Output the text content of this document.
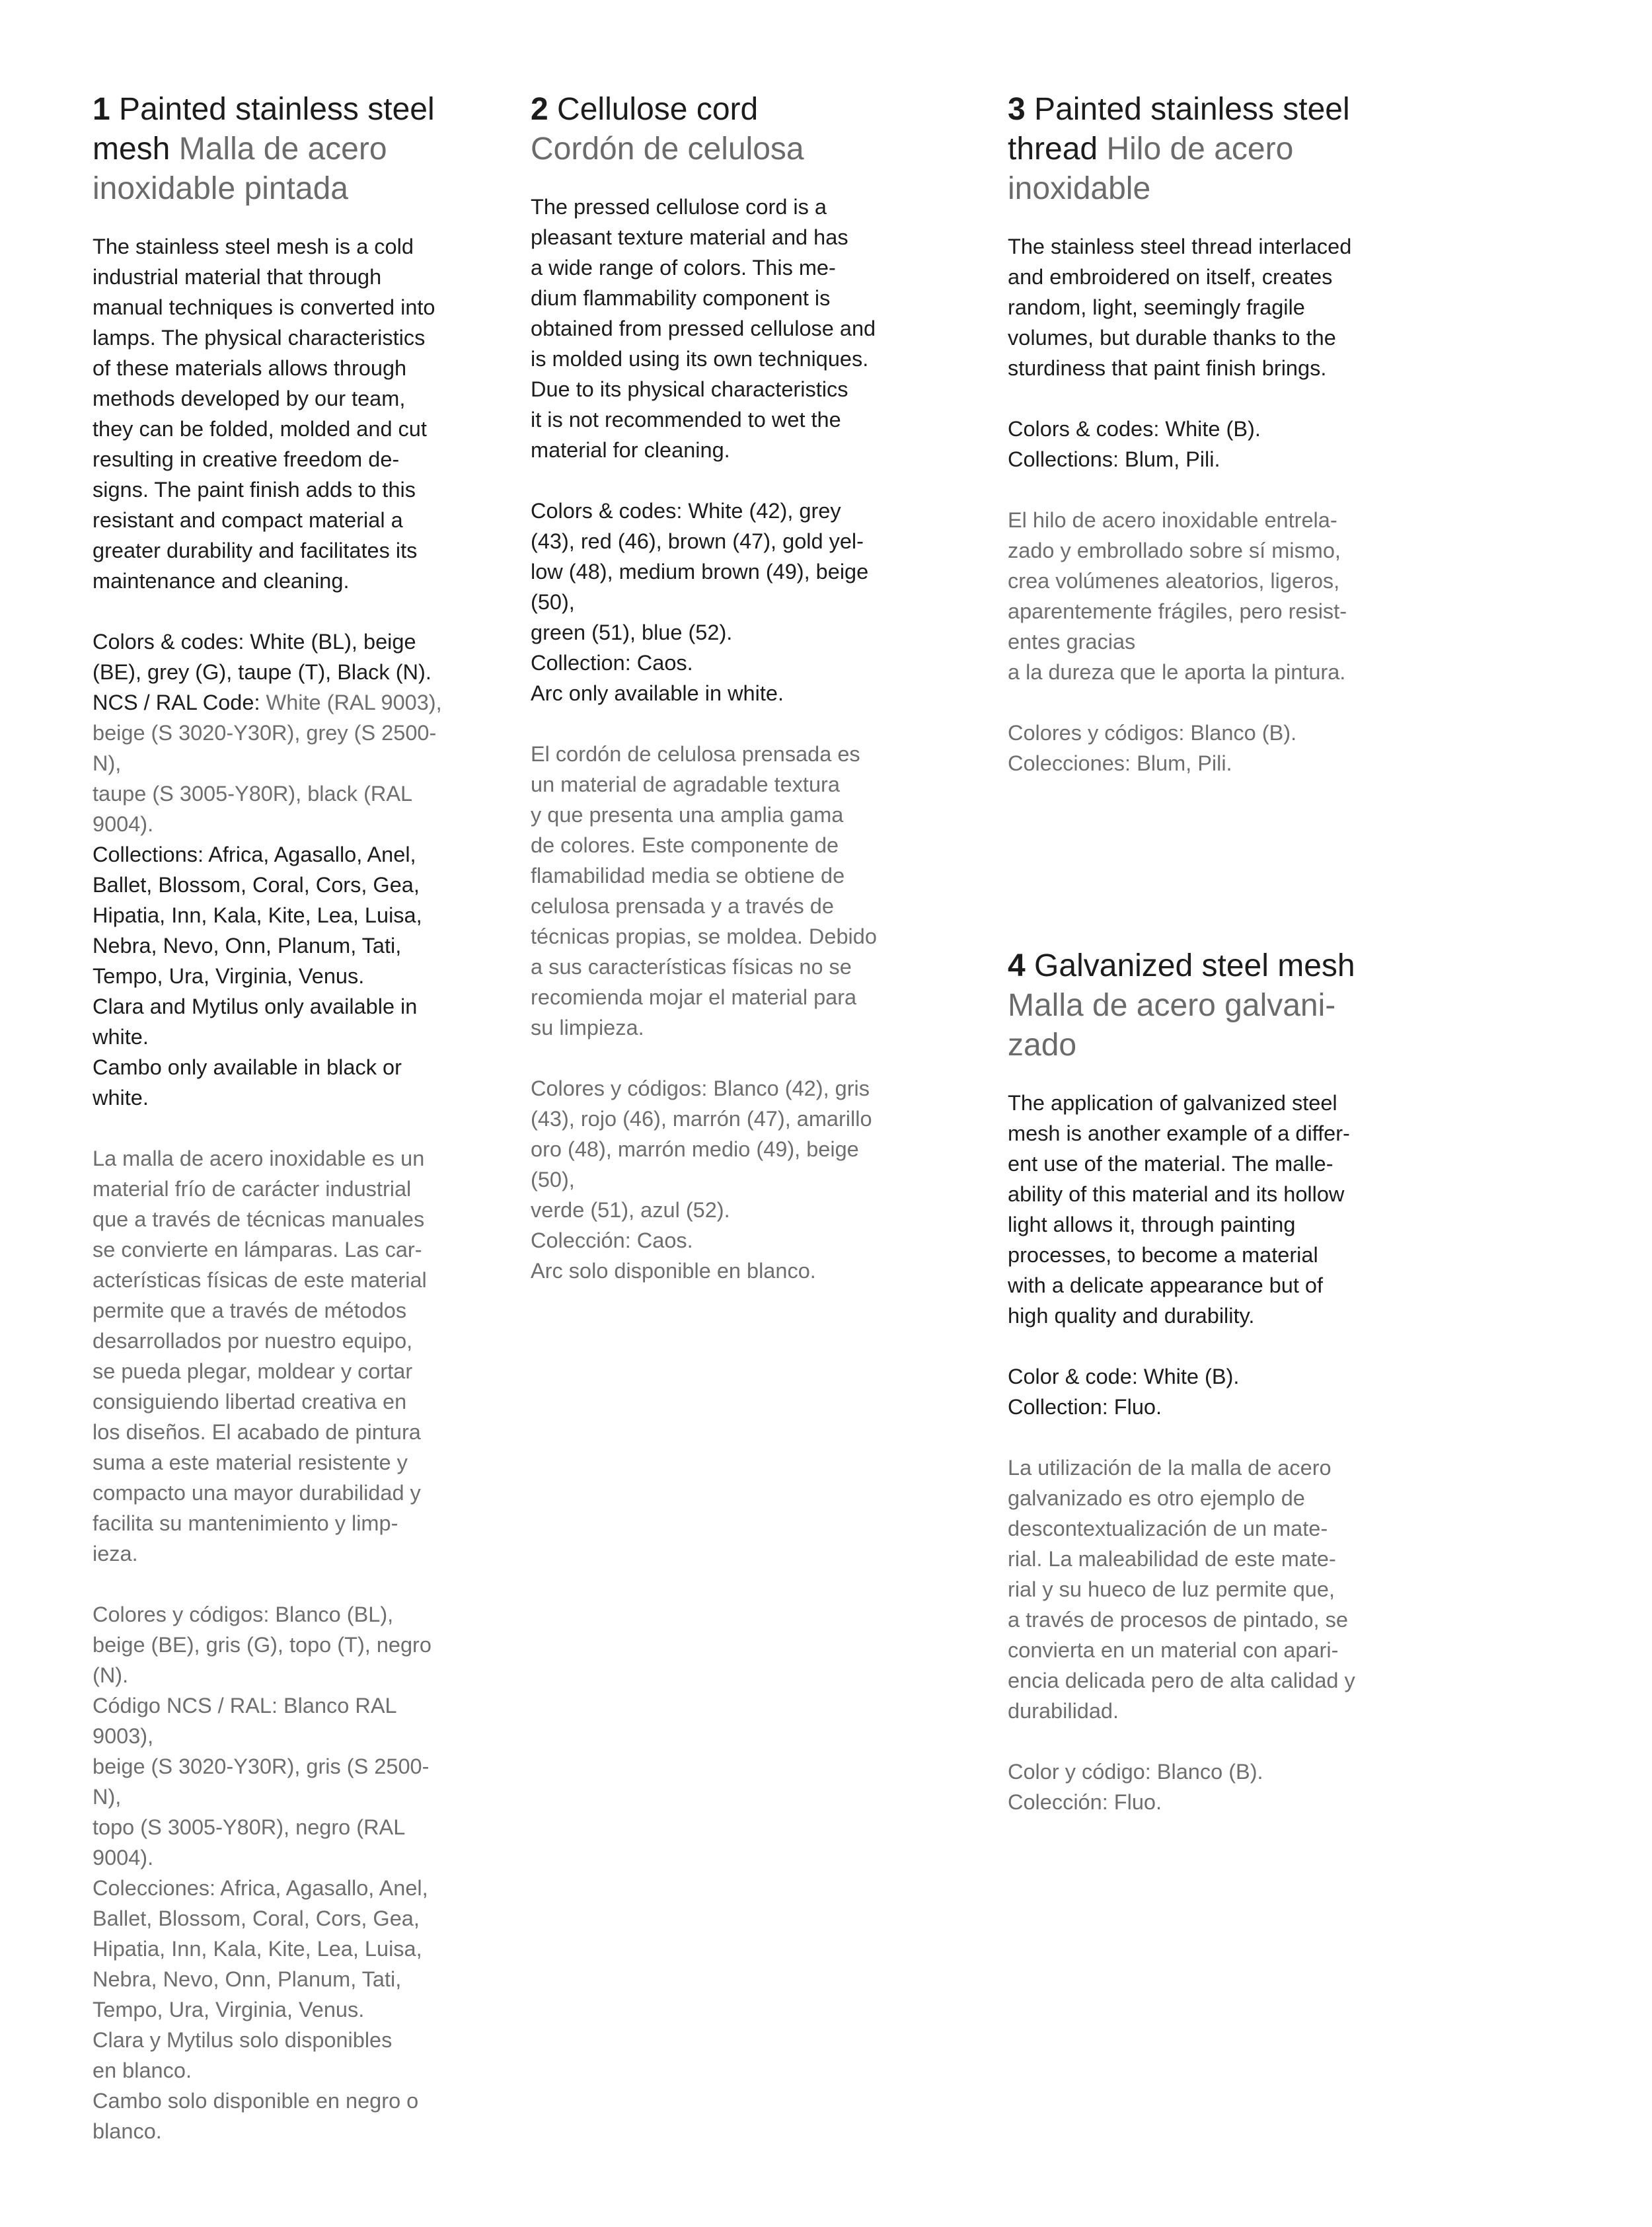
1 Painted stainless steel mesh Malla de acero inoxidable pintada
The stainless steel mesh is a cold
industrial material that through
manual techniques is converted into
lamps. The physical characteristics
of these materials allows through
methods developed by our team,
they can be folded, molded and cut
resulting in creative freedom de-
signs. The paint finish adds to this
resistant and compact material a
greater durability and facilitates its
maintenance and cleaning.
Colors & codes: White (BL), beige
(BE), grey (G), taupe (T), Black (N).
NCS / RAL Code: White (RAL 9003),
beige (S 3020-Y30R), grey (S 2500-
N),
taupe (S 3005-Y80R), black (RAL
9004).
Collections: Africa, Agasallo, Anel,
Ballet, Blossom, Coral, Cors, Gea,
Hipatia, Inn, Kala, Kite, Lea, Luisa,
Nebra, Nevo, Onn, Planum, Tati,
Tempo, Ura, Virginia, Venus.
Clara and Mytilus only available in
white.
Cambo only available in black or
white.
La malla de acero inoxidable es un
material frío de carácter industrial
que a través de técnicas manuales
se convierte en lámparas. Las car-
acterísticas físicas de este material
permite que a través de métodos
desarrollados por nuestro equipo,
se pueda plegar, moldear y cortar
consiguiendo libertad creativa en
los diseños. El acabado de pintura
suma a este material resistente y
compacto una mayor durabilidad y
facilita su mantenimiento y limp-
ieza.
Colores y códigos: Blanco (BL),
beige (BE), gris (G), topo (T), negro
(N).
Código NCS / RAL: Blanco RAL
9003),
beige (S 3020-Y30R), gris (S 2500-
N),
topo (S 3005-Y80R), negro (RAL
9004).
Colecciones: Africa, Agasallo, Anel,
Ballet, Blossom, Coral, Cors, Gea,
Hipatia, Inn, Kala, Kite, Lea, Luisa,
Nebra, Nevo, Onn, Planum, Tati,
Tempo, Ura, Virginia, Venus.
Clara y Mytilus solo disponibles
en blanco.
Cambo solo disponible en negro o
blanco.
2 Cellulose cord
Cordón de celulosa
The pressed cellulose cord is a
pleasant texture material and has
a wide range of colors. This me-
dium flammability component is
obtained from pressed cellulose and
is molded using its own techniques.
Due to its physical characteristics
it is not recommended to wet the
material for cleaning.
Colors & codes: White (42), grey
(43), red (46), brown (47), gold yel-
low (48), medium brown (49), beige
(50),
green (51), blue (52).
Collection: Caos.
Arc only available in white.
El cordón de celulosa prensada es
un material de agradable textura
y que presenta una amplia gama
de colores. Este componente de
flamabilidad media se obtiene de
celulosa prensada y a través de
técnicas propias, se moldea. Debido
a sus características físicas no se
recomienda mojar el material para
su limpieza.
Colores y códigos: Blanco (42), gris
(43), rojo (46), marrón (47), amarillo
oro (48), marrón medio (49), beige
(50),
verde (51), azul (52).
Colección: Caos.
Arc solo disponible en blanco.
3 Painted stainless steel thread Hilo de acero inoxidable
The stainless steel thread interlaced
and embroidered on itself, creates
random, light, seemingly fragile
volumes, but durable thanks to the
sturdiness that paint finish brings.
Colors & codes: White (B).
Collections: Blum, Pili.
El hilo de acero inoxidable entrela-
zado y embrollado sobre sí mismo,
crea volúmenes aleatorios, ligeros,
aparentemente frágiles, pero resist-
entes gracias
a la dureza que le aporta la pintura.
Colores y códigos: Blanco (B).
Colecciones: Blum, Pili.
4 Galvanized steel mesh
Malla de acero galvani-
zado
The application of galvanized steel
mesh is another example of a differ-
ent use of the material. The malle-
ability of this material and its hollow
light allows it, through painting
processes, to become a material
with a delicate appearance but of
high quality and durability.
Color & code: White (B).
Collection: Fluo.
La utilización de la malla de acero
galvanizado es otro ejemplo de
descontextualización de un mate-
rial. La maleabilidad de este mate-
rial y su hueco de luz permite que,
a través de procesos de pintado, se
convierta en un material con apari-
encia delicada pero de alta calidad y
durabilidad.
Color y código: Blanco (B).
Colección: Fluo.
